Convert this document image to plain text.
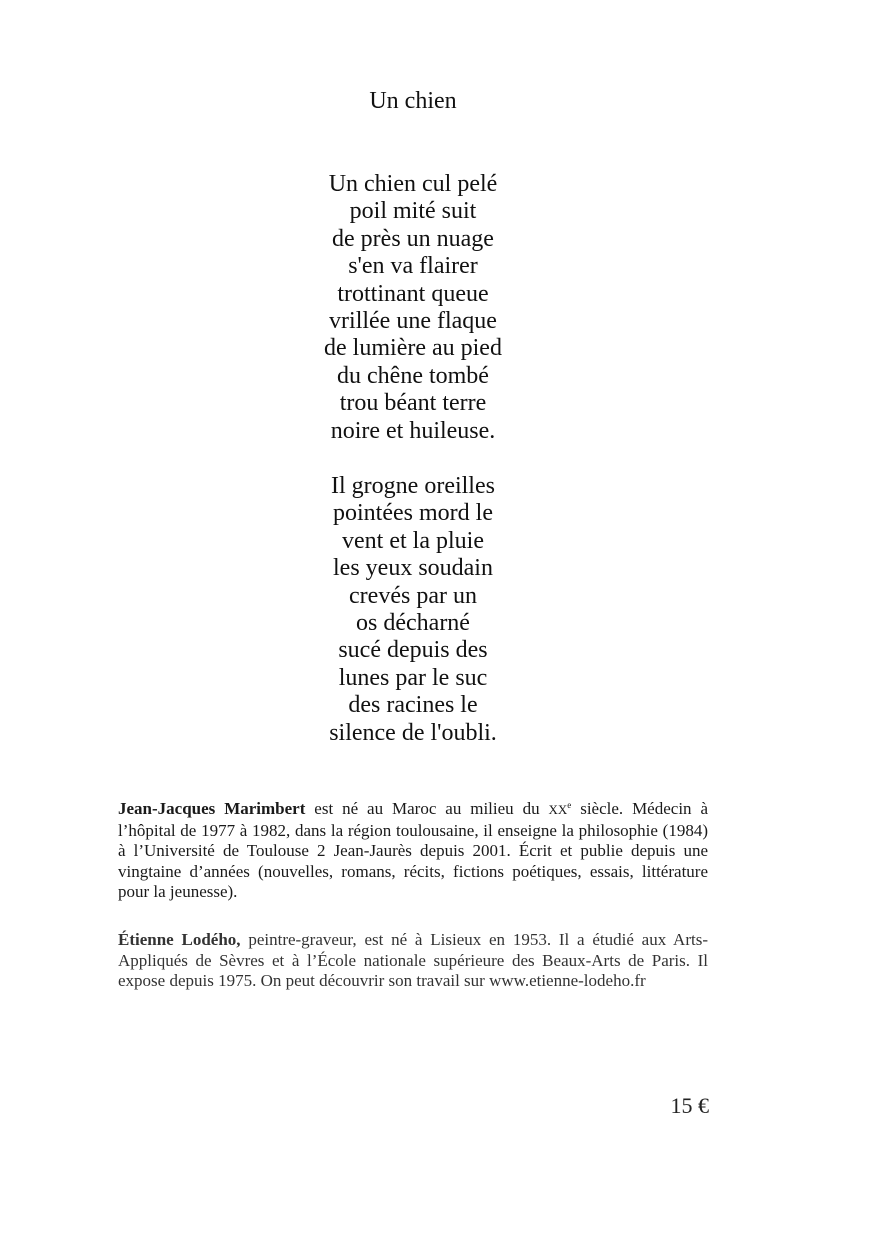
Un chien
Un chien cul pelé
poil mité suit
de près un nuage
s'en va flairer
trottinant queue
vrillée une flaque
de lumière au pied
du chêne tombé
trou béant terre
noire et huileuse.
Il grogne oreilles
pointées mord le
vent et la pluie
les yeux soudain
crevés par un
os décharné
sucé depuis des
lunes par le suc
des racines le
silence de l'oubli.

Jean-Jacques Marimbert est né au Maroc au milieu du XXe siècle. Médecin à l’hôpital de 1977 à 1982, dans la région toulousaine, il enseigne la philosophie (1984) à l’Université de Toulouse 2 Jean-Jaurès depuis 2001. Écrit et publie depuis une vingtaine d’années (nouvelles, romans, récits, fictions poétiques, essais, littérature pour la jeunesse).

Étienne Lodého, peintre-graveur, est né à Lisieux en 1953. Il a étudié aux Arts-Appliqués de Sèvres et à l’École nationale supérieure des Beaux-Arts de Paris. Il expose depuis 1975. On peut découvrir son travail sur www.etienne-lodeho.fr

15 €
